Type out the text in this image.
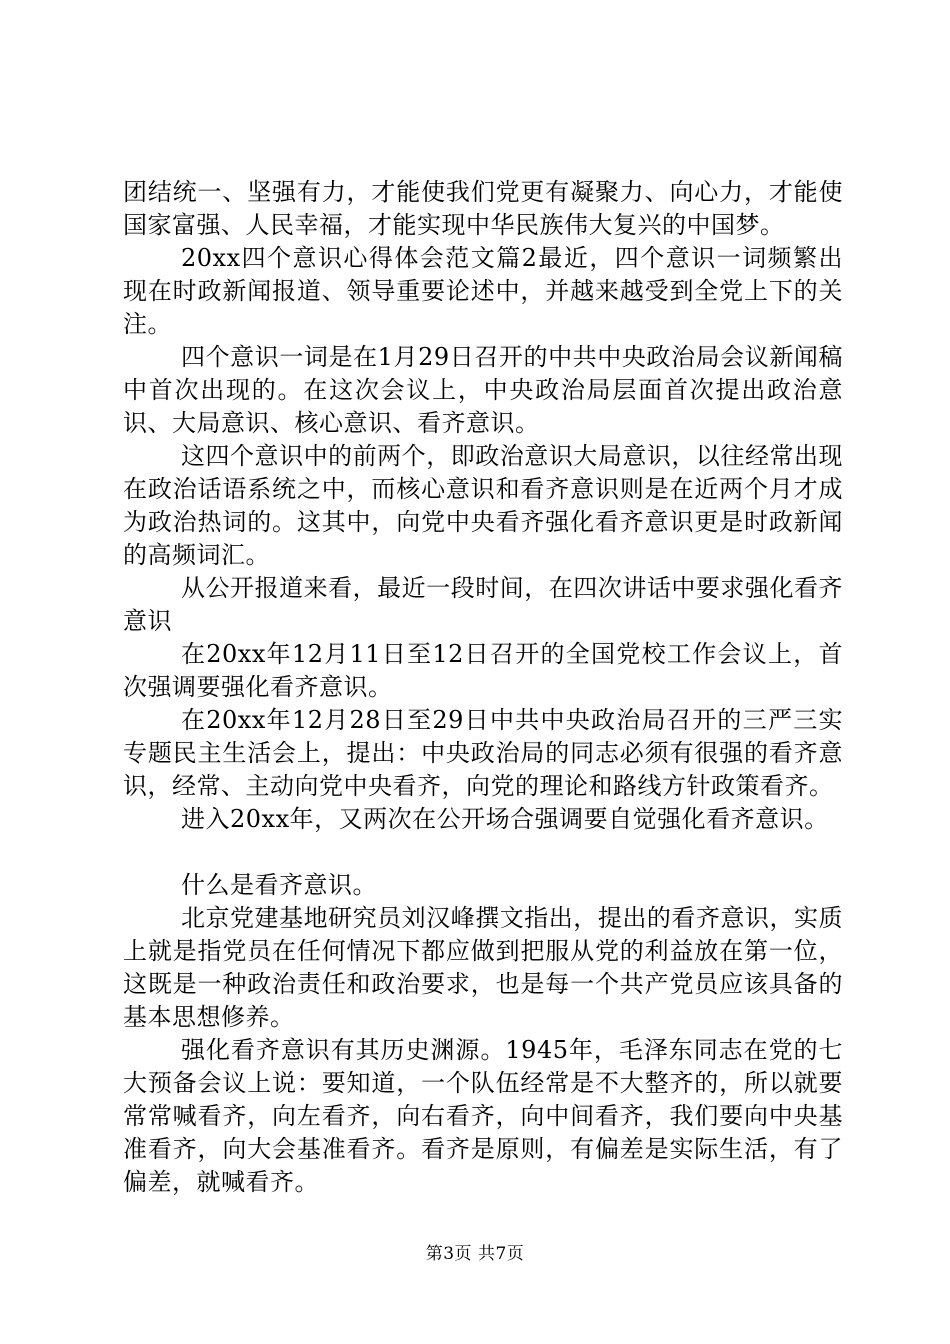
团结统一、坚强有力，才能使我们党更有凝聚力、向心力，才能使国家富强、人民幸福，才能实现中华民族伟大复兴的中国梦。

20xx四个意识心得体会范文篇2最近，四个意识一词频繁出现在时政新闻报道、领导重要论述中，并越来越受到全党上下的关注。

四个意识一词是在1月29日召开的中共中央政治局会议新闻稿中首次出现的。在这次会议上，中央政治局层面首次提出政治意识、大局意识、核心意识、看齐意识。

这四个意识中的前两个，即政治意识大局意识，以往经常出现在政治话语系统之中，而核心意识和看齐意识则是在近两个月才成为政治热词的。这其中，向党中央看齐强化看齐意识更是时政新闻的高频词汇。

从公开报道来看，最近一段时间，在四次讲话中要求强化看齐意识

在20xx年12月11日至12日召开的全国党校工作会议上，首次强调要强化看齐意识。

在20xx年12月28日至29日中共中央政治局召开的三严三实专题民主生活会上，提出：中央政治局的同志必须有很强的看齐意识，经常、主动向党中央看齐，向党的理论和路线方针政策看齐。

进入20xx年，又两次在公开场合强调要自觉强化看齐意识。

什么是看齐意识。

北京党建基地研究员刘汉峰撰文指出，提出的看齐意识，实质上就是指党员在任何情况下都应做到把服从党的利益放在第一位，这既是一种政治责任和政治要求，也是每一个共产党员应该具备的基本思想修养。

强化看齐意识有其历史渊源。1945年，毛泽东同志在党的七大预备会议上说：要知道，一个队伍经常是不大整齐的，所以就要常常喊看齐，向左看齐，向右看齐，向中间看齐，我们要向中央基准看齐，向大会基准看齐。看齐是原则，有偏差是实际生活，有了偏差，就喊看齐。

第3页 共7页
